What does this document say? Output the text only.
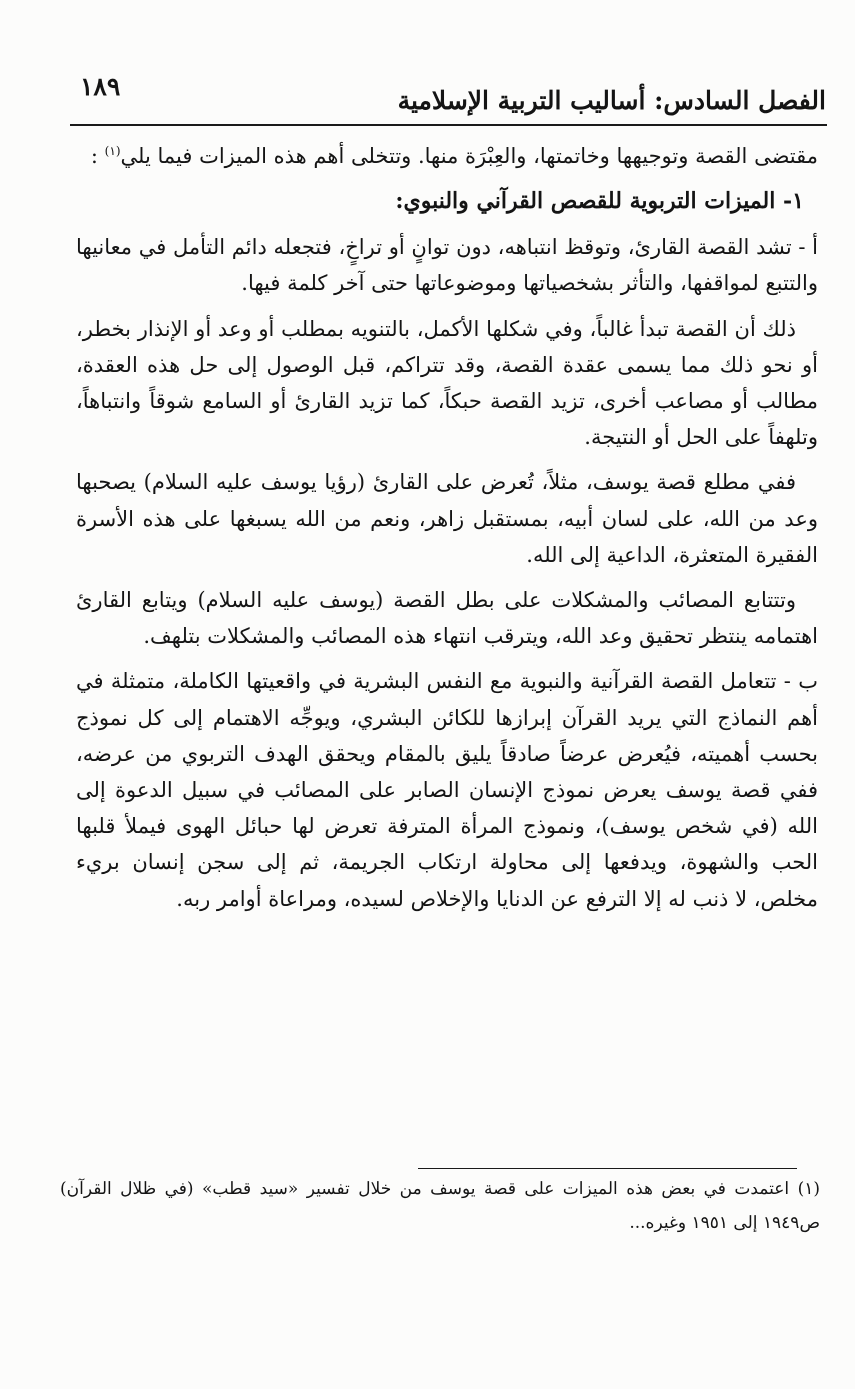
الفصل السادس: أساليب التربية الإسلامية
١٨٩

مقتضى القصة وتوجيهها وخاتمتها، والعِبْرَة منها. وتتخلى أهم هذه الميزات فيما يلي$^{(١)}$ :

١- الميزات التربوية للقصص القرآني والنبوي:

أ - تشد القصة القارئ، وتوقظ انتباهه، دون توانٍ أو تراخٍ، فتجعله دائم التأمل في معانيها والتتبع لمواقفها، والتأثر بشخصياتها وموضوعاتها حتى آخر كلمة فيها.

ذلك أن القصة تبدأ غالباً، وفي شكلها الأكمل، بالتنويه بمطلب أو وعد أو الإنذار بخطر، أو نحو ذلك مما يسمى عقدة القصة، وقد تتراكم، قبل الوصول إلى حل هذه العقدة، مطالب أو مصاعب أخرى، تزيد القصة حبكاً، كما تزيد القارئ أو السامع شوقاً وانتباهاً، وتلهفاً على الحل أو النتيجة.

ففي مطلع قصة يوسف، مثلاً، تُعرض على القارئ (رؤيا يوسف عليه السلام) يصحبها وعد من الله، على لسان أبيه، بمستقبل زاهر، ونعم من الله يسبغها على هذه الأسرة الفقيرة المتعثرة، الداعية إلى الله.

وتتتابع المصائب والمشكلات على بطل القصة (يوسف عليه السلام) ويتابع القارئ اهتمامه ينتظر تحقيق وعد الله، ويترقب انتهاء هذه المصائب والمشكلات بتلهف.

ب - تتعامل القصة القرآنية والنبوية مع النفس البشرية في واقعيتها الكاملة، متمثلة في أهم النماذج التي يريد القرآن إبرازها للكائن البشري، ويوجِّه الاهتمام إلى كل نموذج بحسب أهميته، فيُعرض عرضاً صادقاً يليق بالمقام ويحقق الهدف التربوي من عرضه، ففي قصة يوسف يعرض نموذج الإنسان الصابر على المصائب في سبيل الدعوة إلى الله (في شخص يوسف)، ونموذج المرأة المترفة تعرض لها حبائل الهوى فيملأ قلبها الحب والشهوة، ويدفعها إلى محاولة ارتكاب الجريمة، ثم إلى سجن إنسان بريء مخلص، لا ذنب له إلا الترفع عن الدنايا والإخلاص لسيده، ومراعاة أوامر ربه.

(١) اعتمدت في بعض هذه الميزات على قصة يوسف من خلال تفسير «سيد قطب» (في ظلال القرآن) ص١٩٤٩ إلى ١٩٥١ وغيره...
